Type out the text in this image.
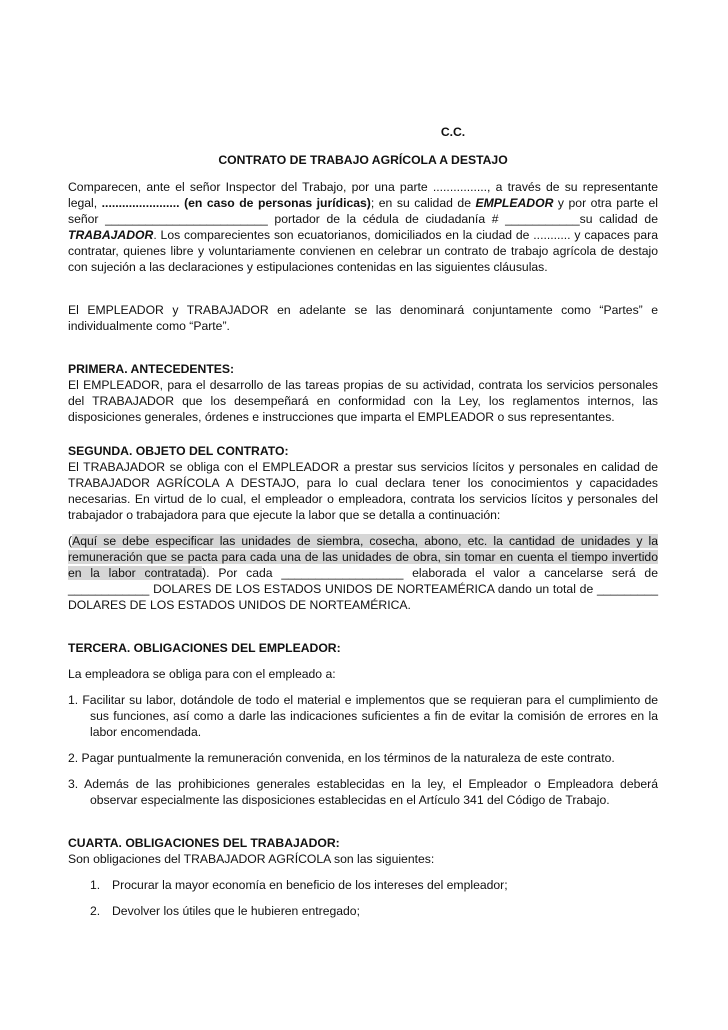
C.C.

CONTRATO DE TRABAJO AGRÍCOLA A DESTAJO

Comparecen, ante el señor Inspector del Trabajo, por una parte ................, a través de su representante legal, ....................... (en caso de personas jurídicas); en su calidad de EMPLEADOR y por otra parte el señor ________________________ portador de la cédula de ciudadanía # ___________su calidad de TRABAJADOR. Los comparecientes son ecuatorianos, domiciliados en la ciudad de ........... y capaces para contratar, quienes libre y voluntariamente convienen en celebrar un contrato de trabajo agrícola de destajo con sujeción a las declaraciones y estipulaciones contenidas en las siguientes cláusulas.

El EMPLEADOR y TRABAJADOR en adelante se las denominará conjuntamente como “Partes” e individualmente como “Parte”.

PRIMERA. ANTECEDENTES:

El EMPLEADOR, para el desarrollo de las tareas propias de su actividad, contrata los servicios personales del TRABAJADOR que los desempeñará en conformidad con la Ley, los reglamentos internos, las disposiciones generales, órdenes e instrucciones que imparta el EMPLEADOR o sus representantes.

SEGUNDA. OBJETO DEL CONTRATO:

El TRABAJADOR se obliga con el EMPLEADOR a prestar sus servicios lícitos y personales en calidad de TRABAJADOR AGRÍCOLA A DESTAJO, para lo cual declara tener los conocimientos y capacidades necesarias. En virtud de lo cual, el empleador o empleadora, contrata los servicios lícitos y personales del trabajador o trabajadora para que ejecute la labor que se detalla a continuación:

(Aquí se debe especificar las unidades de siembra, cosecha, abono, etc. la cantidad de unidades y la remuneración que se pacta para cada una de las unidades de obra, sin tomar en cuenta el tiempo invertido en la labor contratada). Por cada __________________ elaborada el valor a cancelarse será de ____________ DOLARES DE LOS ESTADOS UNIDOS DE NORTEAMÉRICA dando un total de _________ DOLARES DE LOS ESTADOS UNIDOS DE NORTEAMÉRICA.

TERCERA. OBLIGACIONES DEL EMPLEADOR:

La empleadora se obliga para con el empleado a:

1. Facilitar su labor, dotándole de todo el material e implementos que se requieran para el cumplimiento de sus funciones, así como a darle las indicaciones suficientes a fin de evitar la comisión de errores en la labor encomendada.

2. Pagar puntualmente la remuneración convenida, en los términos de la naturaleza de este contrato.

3. Además de las prohibiciones generales establecidas en la ley, el Empleador o Empleadora deberá observar especialmente las disposiciones establecidas en el Artículo 341 del Código de Trabajo.

CUARTA. OBLIGACIONES DEL TRABAJADOR:

Son obligaciones del TRABAJADOR AGRÍCOLA son las siguientes:

1. Procurar la mayor economía en beneficio de los intereses del empleador;

2. Devolver los útiles que le hubieren entregado;
